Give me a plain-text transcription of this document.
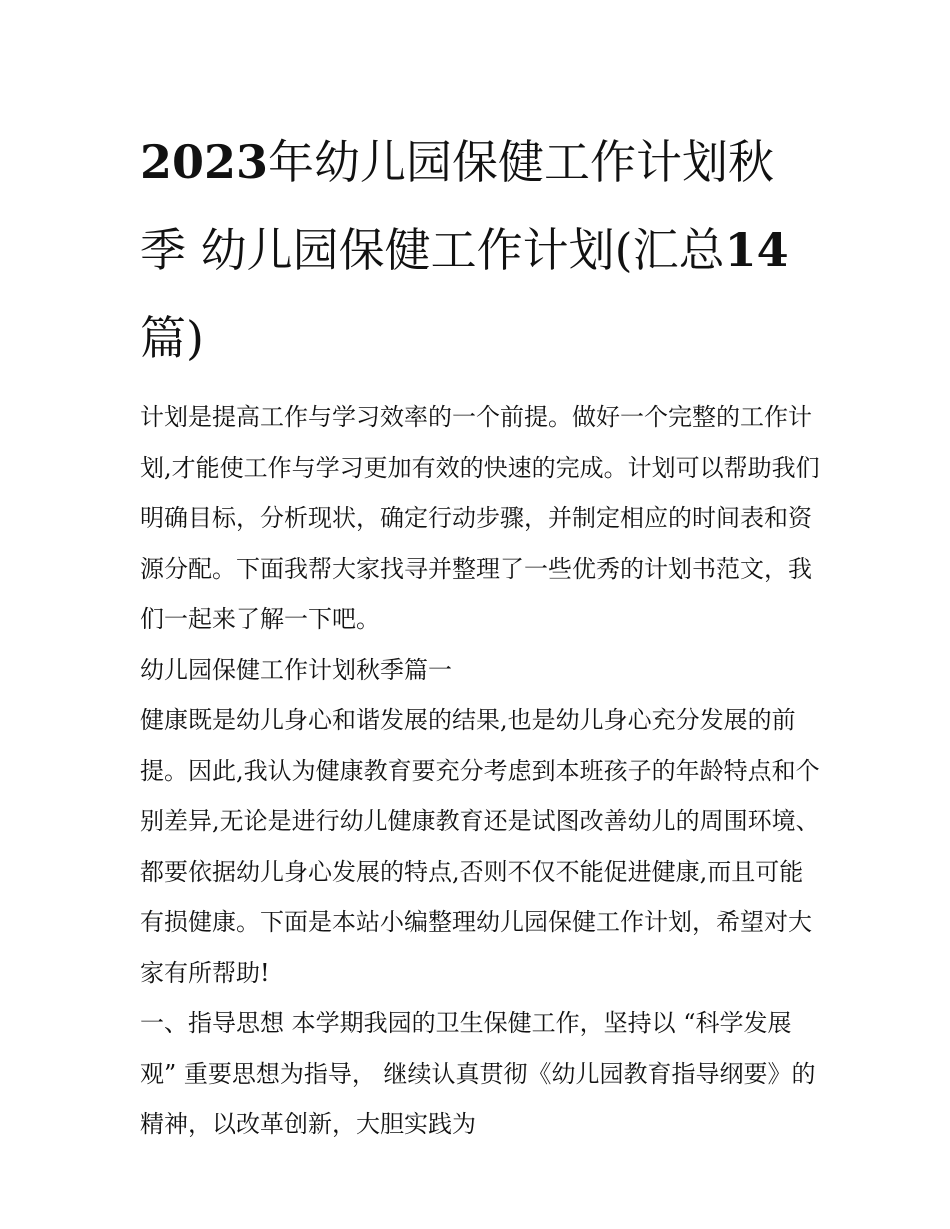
2023年幼儿园保健工作计划秋季 幼儿园保健工作计划(汇总14 篇)

计划是提高工作与学习效率的一个前提。做好一个完整的工作计划,才能使工作与学习更加有效的快速的完成。计划可以帮助我们明确目标，分析现状，确定行动步骤，并制定相应的时间表和资源分配。下面我帮大家找寻并整理了一些优秀的计划书范文，我们一起来了解一下吧。

幼儿园保健工作计划秋季篇一

健康既是幼儿身心和谐发展的结果,也是幼儿身心充分发展的前提。因此,我认为健康教育要充分考虑到本班孩子的年龄特点和个别差异,无论是进行幼儿健康教育还是试图改善幼儿的周围环境、都要依据幼儿身心发展的特点,否则不仅不能促进健康,而且可能有损健康。下面是本站小编整理幼儿园保健工作计划，希望对大家有所帮助!

一、指导思想 本学期我园的卫生保健工作，坚持以 “科学发展观” 重要思想为指导， 继续认真贯彻《幼儿园教育指导纲要》的精神，以改革创新，大胆实践为
